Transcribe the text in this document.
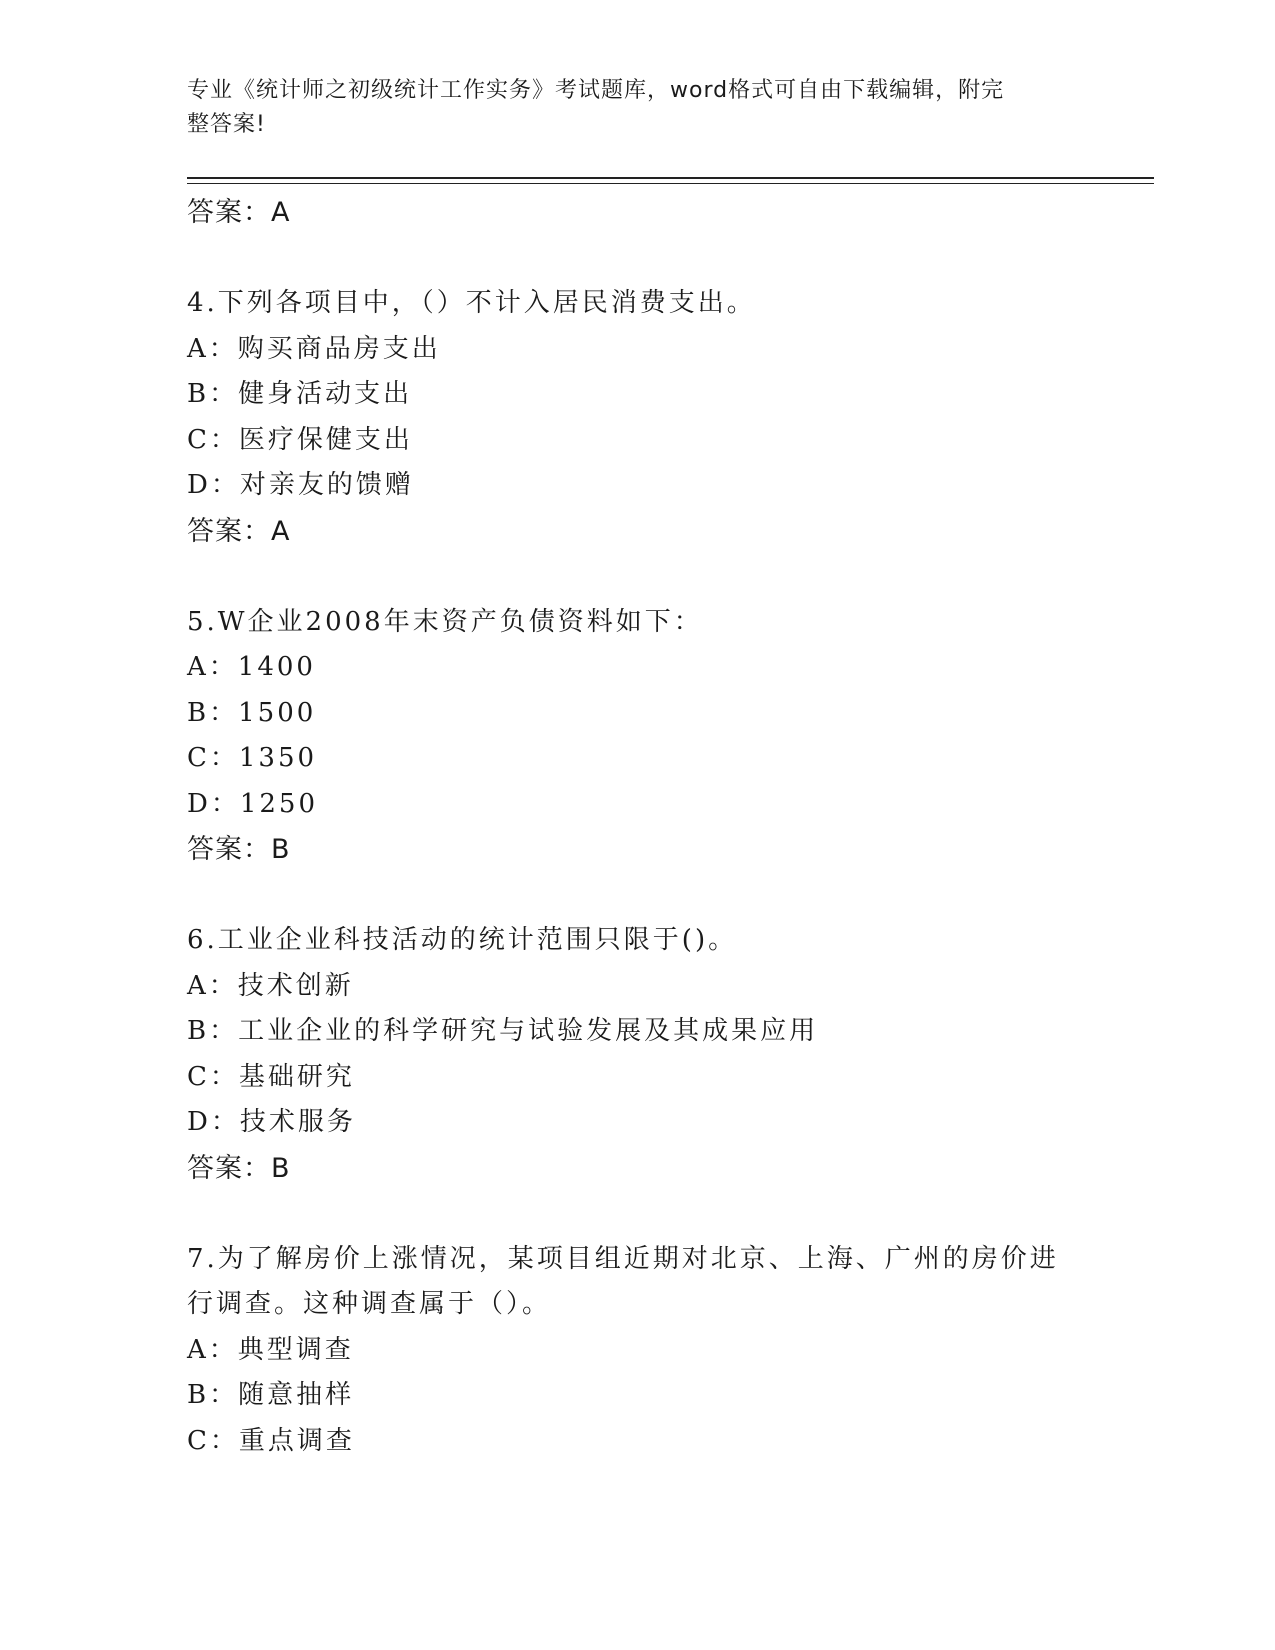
专业《统计师之初级统计工作实务》考试题库，word格式可自由下载编辑，附完
整答案!
答案：A
4.下列各项目中，（）不计入居民消费支出。
A：购买商品房支出
B：健身活动支出
C：医疗保健支出
D：对亲友的馈赠
答案：A
5.W企业2008年末资产负债资料如下：
A：1400
B：1500
C：1350
D：1250
答案：B
6.工业企业科技活动的统计范围只限于()。
A：技术创新
B：工业企业的科学研究与试验发展及其成果应用
C：基础研究
D：技术服务
答案：B
7.为了解房价上涨情况，某项目组近期对北京、上海、广州的房价进
行调查。这种调查属于（）。
A：典型调查
B：随意抽样
C：重点调查
